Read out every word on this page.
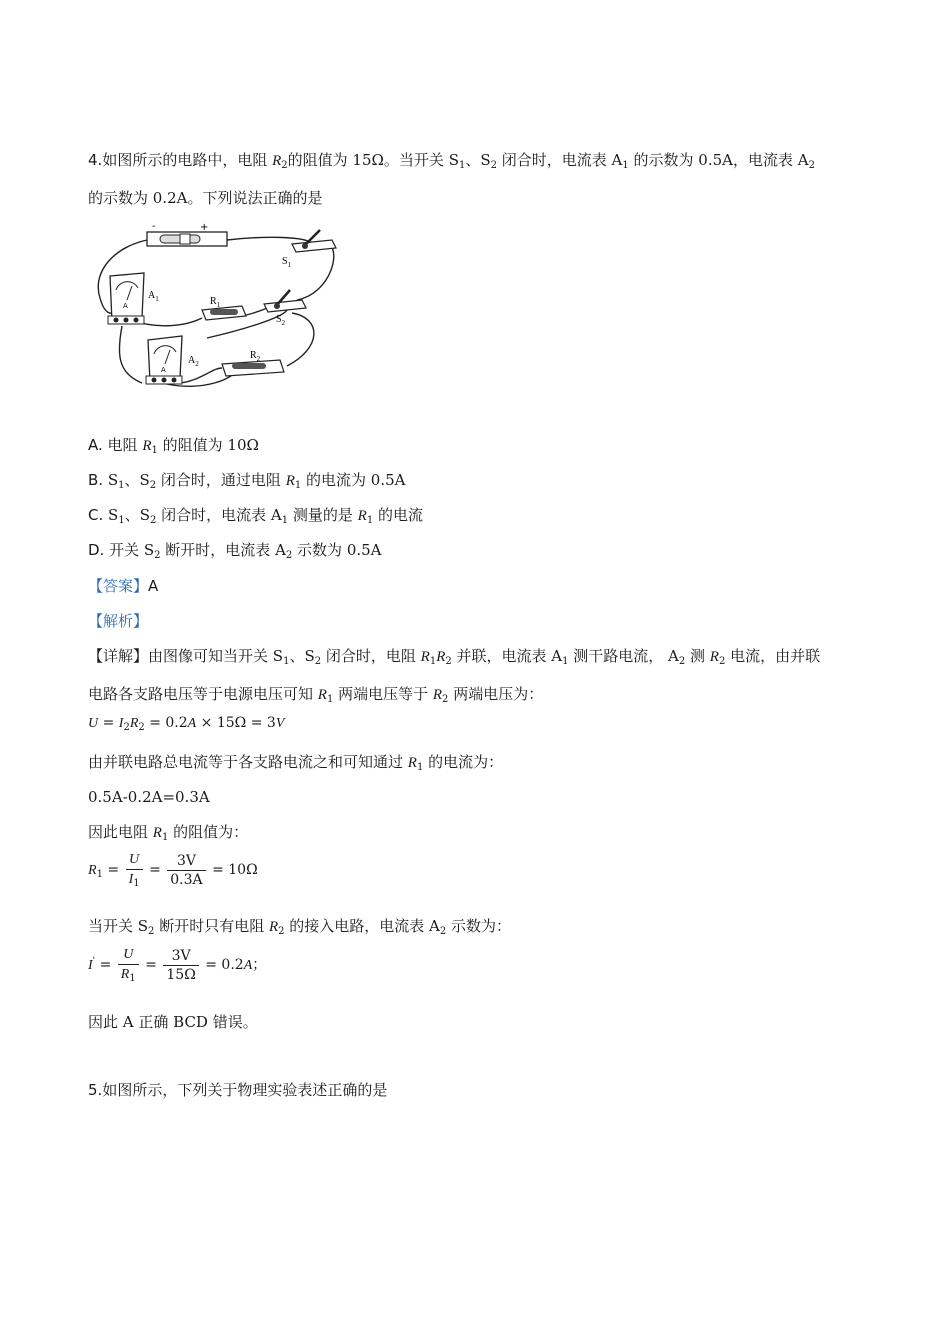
4.如图所示的电路中，电阻 $R_2$的阻值为 15Ω。当开关 $S_1$、$S_2$ 闭合时，电流表 $A_1$ 的示数为 0.5A，电流表 $A_2$
的示数为 0.2A。下列说法正确的是
-	+
$S_1$
$S_2$
$R_1$
$R_2$
A
$A_1$
A
$A_2$
A. 电阻 $R_1$ 的阻值为 10Ω
B. $S_1$、$S_2$ 闭合时，通过电阻 $R_1$ 的电流为 0.5A
C. $S_1$、$S_2$ 闭合时，电流表 $A_1$ 测量的是 $R_1$ 的电流
D. 开关 $S_2$ 断开时，电流表 $A_2$ 示数为 0.5A
【答案】A
【解析】
【详解】由图像可知当开关 $S_1$、$S_2$ 闭合时，电阻 $R_1R_2$ 并联，电流表 $A_1$ 测干路电流， $A_2$ 测 $R_2$ 电流，由并联
电路各支路电压等于电源电压可知 $R_1$ 两端电压等于 $R_2$ 两端电压为：
$U = I_2R_2 = 0.2A \times 15\Omega = 3V$
由并联电路总电流等于各支路电流之和可知通过 $R_1$ 的电流为：
0.5A-0.2A=0.3A
因此电阻 $R_1$ 的阻值为：
$R_1 = \frac{U}{I_1} = \frac{3V}{0.3A} = 10\Omega$
当开关 $S_2$ 断开时只有电阻 $R_2$ 的接入电路，电流表 $A_2$ 示数为：
$I' = \frac{U}{R_1} = \frac{3V}{15\Omega} = 0.2A$；
因此 A 正确 BCD 错误。
5.如图所示，下列关于物理实验表述正确的是
